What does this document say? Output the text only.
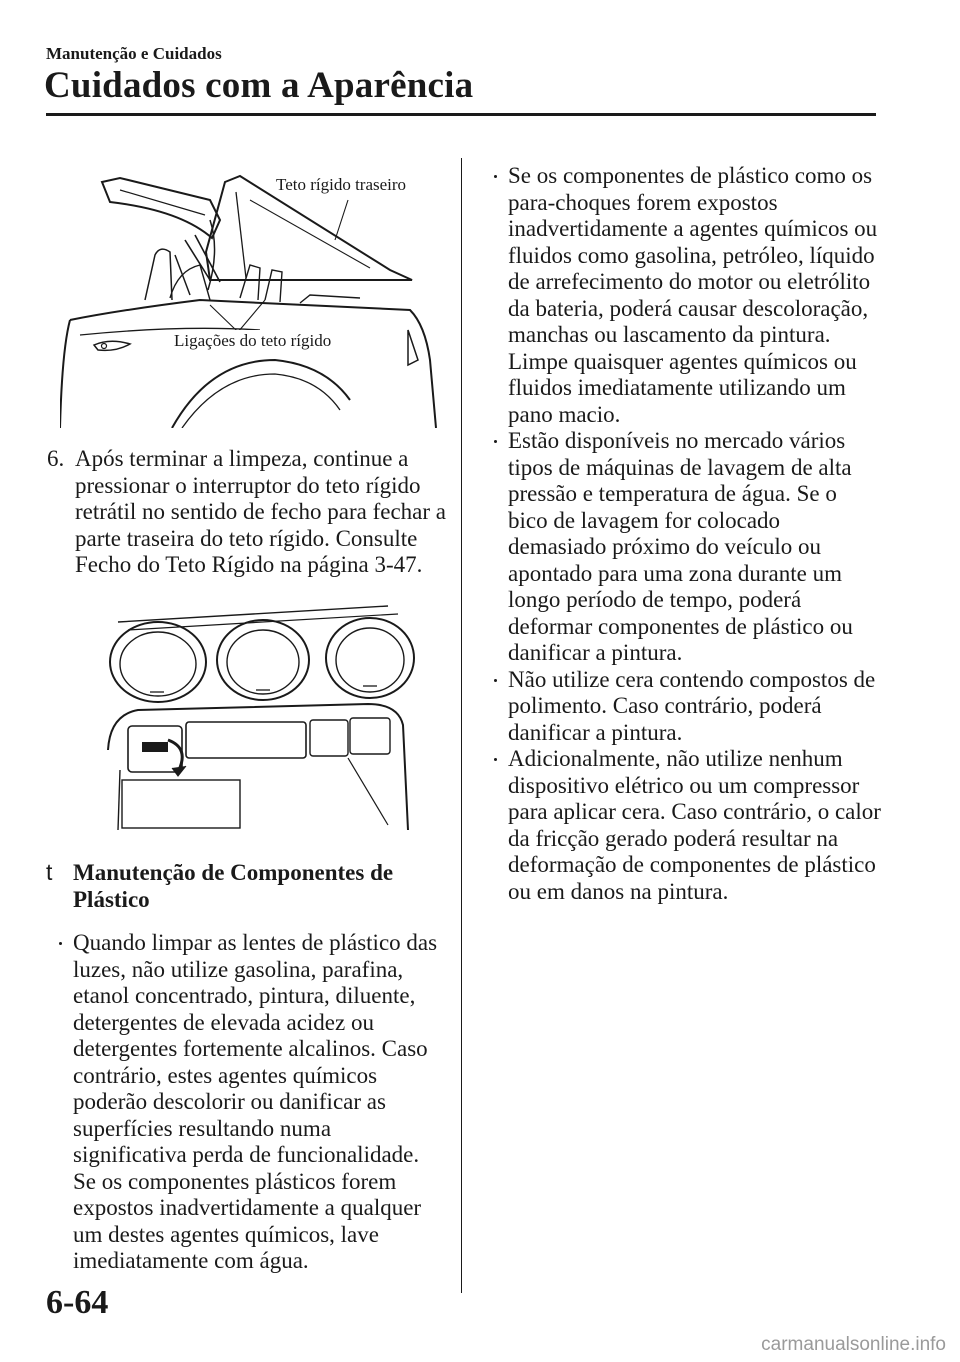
Manutenção e Cuidados
Cuidados com a Aparência
Teto rígido traseiro
Ligações do teto rígido
6. Após terminar a limpeza, continue a pressionar o interruptor do teto rígido retrátil no sentido de fecho para fechar a parte traseira do teto rígido. Consulte Fecho do Teto Rígido na página 3-47.
t Manutenção de Componentes de Plástico
Quando limpar as lentes de plástico das luzes, não utilize gasolina, parafina, etanol concentrado, pintura, diluente, detergentes de elevada acidez ou detergentes fortemente alcalinos. Caso contrário, estes agentes químicos poderão descolorir ou danificar as superfícies resultando numa significativa perda de funcionalidade. Se os componentes plásticos forem expostos inadvertidamente a qualquer um destes agentes químicos, lave imediatamente com água.
Se os componentes de plástico como os para-choques forem expostos inadvertidamente a agentes químicos ou fluidos como gasolina, petróleo, líquido de arrefecimento do motor ou eletrólito da bateria, poderá causar descoloração, manchas ou lascamento da pintura. Limpe quaisquer agentes químicos ou fluidos imediatamente utilizando um pano macio.
Estão disponíveis no mercado vários tipos de máquinas de lavagem de alta pressão e temperatura de água. Se o bico de lavagem for colocado demasiado próximo do veículo ou apontado para uma zona durante um longo período de tempo, poderá deformar componentes de plástico ou danificar a pintura.
Não utilize cera contendo compostos de polimento. Caso contrário, poderá danificar a pintura.
Adicionalmente, não utilize nenhum dispositivo elétrico ou um compressor para aplicar cera. Caso contrário, o calor da fricção gerado poderá resultar na deformação de componentes de plástico ou em danos na pintura.
6-64
carmanualsonline.info
